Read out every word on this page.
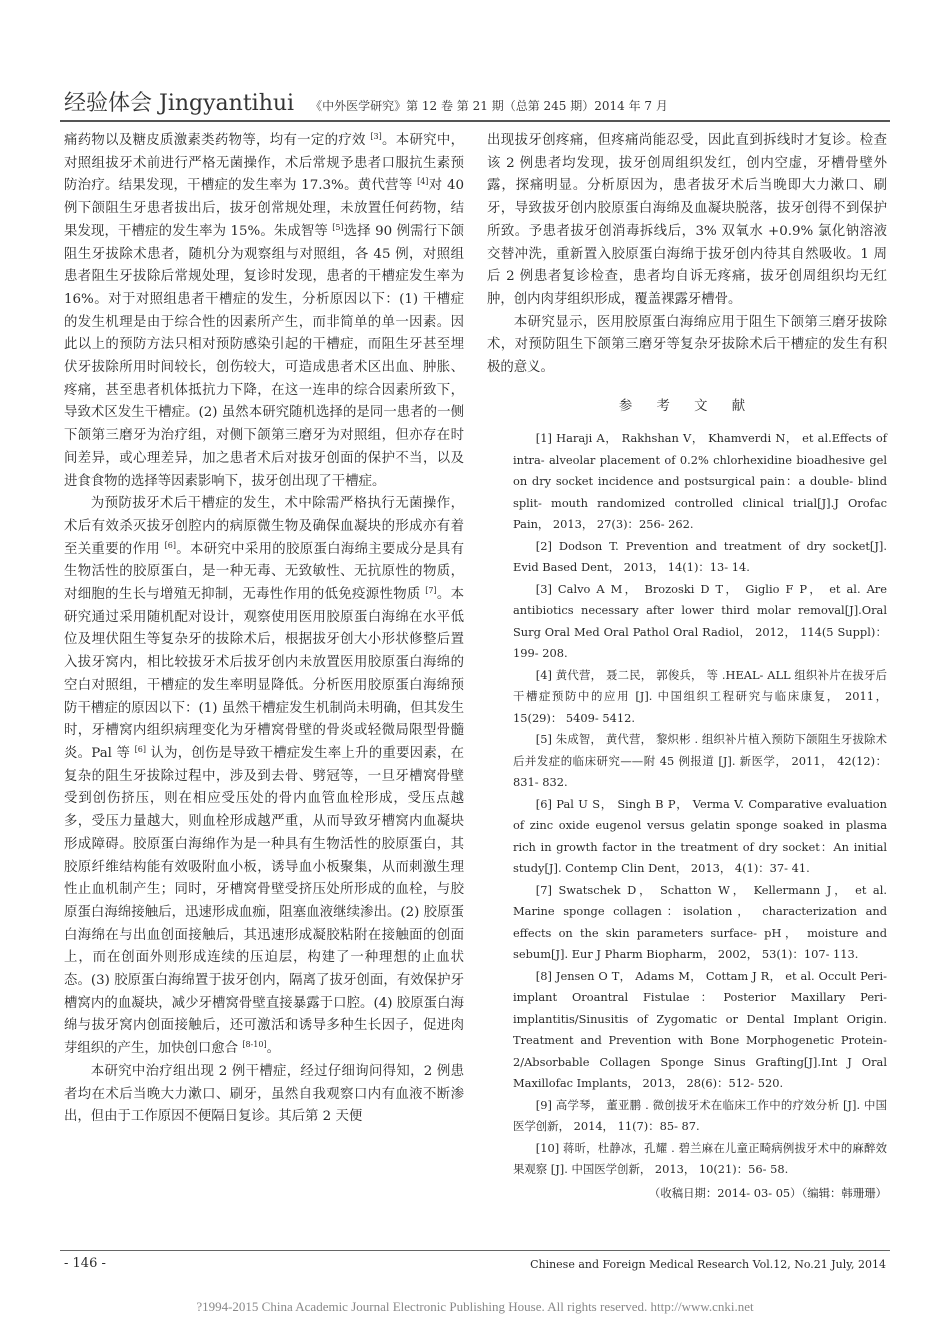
经验体会 Jingyantihui 《中外医学研究》第 12 卷 第 21 期（总第 245 期）2014 年 7 月

痛药物以及糖皮质激素类药物等，均有一定的疗效 [3]。本研究中，对照组拔牙术前进行严格无菌操作，术后常规予患者口服抗生素预防治疗。结果发现，干槽症的发生率为 17.3%。黄代营等 [4]对 40 例下颌阻生牙患者拔出后，拔牙创常规处理，未放置任何药物，结果发现，干槽症的发生率为 15%。朱成智等 [5]选择 90 例需行下颌阻生牙拔除术患者，随机分为观察组与对照组，各 45 例，对照组患者阻生牙拔除后常规处理，复诊时发现，患者的干槽症发生率为 16%。对于对照组患者干槽症的发生，分析原因以下：(1) 干槽症的发生机理是由于综合性的因素所产生，而非简单的单一因素。因此以上的预防方法只相对预防感染引起的干槽症，而阻生牙甚至埋伏牙拔除所用时间较长，创伤较大，可造成患者术区出血、肿胀、疼痛，甚至患者机体抵抗力下降，在这一连串的综合因素所致下，导致术区发生干槽症。(2) 虽然本研究随机选择的是同一患者的一侧下颌第三磨牙为治疗组，对侧下颌第三磨牙为对照组，但亦存在时间差异，或心理差异，加之患者术后对拔牙创面的保护不当，以及进食食物的选择等因素影响下，拔牙创出现了干槽症。

为预防拔牙术后干槽症的发生，术中除需严格执行无菌操作，术后有效杀灭拔牙创腔内的病原微生物及确保血凝块的形成亦有着至关重要的作用 [6]。本研究中采用的胶原蛋白海绵主要成分是具有生物活性的胶原蛋白，是一种无毒、无致敏性、无抗原性的物质，对细胞的生长与增殖无抑制，无毒性作用的低免疫源性物质 [7]。本研究通过采用随机配对设计，观察使用医用胶原蛋白海绵在水平低位及埋伏阻生等复杂牙的拔除术后，根据拔牙创大小形状修整后置入拔牙窝内，相比较拔牙术后拔牙创内未放置医用胶原蛋白海绵的空白对照组，干槽症的发生率明显降低。分析医用胶原蛋白海绵预防干槽症的原因以下：(1) 虽然干槽症发生机制尚未明确，但其发生时，牙槽窝内组织病理变化为牙槽窝骨壁的骨炎或轻微局限型骨髓炎。Pal 等 [6] 认为，创伤是导致干槽症发生率上升的重要因素，在复杂的阻生牙拔除过程中，涉及到去骨、劈冠等，一旦牙槽窝骨壁受到创伤挤压，则在相应受压处的骨内血管血栓形成，受压点越多，受压力量越大，则血栓形成越严重，从而导致牙槽窝内血凝块形成障碍。胶原蛋白海绵作为是一种具有生物活性的胶原蛋白，其胶原纤维结构能有效吸附血小板，诱导血小板聚集，从而刺激生理性止血机制产生；同时，牙槽窝骨壁受挤压处所形成的血栓，与胶原蛋白海绵接触后，迅速形成血痂，阻塞血液继续渗出。(2) 胶原蛋白海绵在与出血创面接触后，其迅速形成凝胶粘附在接触面的创面上，而在创面外则形成连续的压迫层，构建了一种理想的止血状态。(3) 胶原蛋白海绵置于拔牙创内，隔离了拔牙创面，有效保护牙槽窝内的血凝块，减少牙槽窝骨壁直接暴露于口腔。(4) 胶原蛋白海绵与拔牙窝内创面接触后，还可激活和诱导多种生长因子，促进肉芽组织的产生，加快创口愈合 [8-10]。

本研究中治疗组出现 2 例干槽症，经过仔细询问得知，2 例患者均在术后当晚大力漱口、刷牙，虽然自我观察口内有血液不断渗出，但由于工作原因不便隔日复诊。其后第 2 天便

出现拔牙创疼痛，但疼痛尚能忍受，因此直到拆线时才复诊。检查该 2 例患者均发现，拔牙创周组织发红，创内空虚，牙槽骨壁外露，探痛明显。分析原因为，患者拔牙术后当晚即大力漱口、刷牙，导致拔牙创内胶原蛋白海绵及血凝块脱落，拔牙创得不到保护所致。予患者拔牙创消毒拆线后，3% 双氧水 +0.9% 氯化钠溶液交替冲洗，重新置入胶原蛋白海绵于拔牙创内待其自然吸收。1 周后 2 例患者复诊检查，患者均自诉无疼痛，拔牙创周组织均无红肿，创内肉芽组织形成，覆盖裸露牙槽骨。

本研究显示，医用胶原蛋白海绵应用于阻生下颌第三磨牙拔除术，对预防阻生下颌第三磨牙等复杂牙拔除术后干槽症的发生有积极的意义。

参 考 文 献

[1] Haraji A， Rakhshan V， Khamverdi N， et al.Effects of intra- alveolar placement of 0.2% chlorhexidine bioadhesive gel on dry socket incidence and postsurgical pain：a double- blind split- mouth randomized controlled clinical trial[J].J Orofac Pain， 2013， 27(3)：256- 262.

[2] Dodson T. Prevention and treatment of dry socket[J]. Evid Based Dent， 2013， 14(1)：13- 14.

[3] Calvo A M， Brozoski D T， Giglio F P， et al. Are antibiotics necessary after lower third molar removal[J].Oral Surg Oral Med Oral Pathol Oral Radiol， 2012， 114(5 Suppl)：199- 208.

[4] 黄代营， 聂二民， 郭俊兵， 等 .HEAL- ALL 组织补片在拔牙后干槽症预防中的应用 [J]. 中国组织工程研究与临床康复， 2011， 15(29)： 5409- 5412.

[5] 朱成智， 黄代营， 黎炽彬 . 组织补片植入预防下颌阻生牙拔除术后并发症的临床研究——附 45 例报道 [J]. 新医学， 2011， 42(12)： 831- 832.

[6] Pal U S， Singh B P， Verma V. Comparative evaluation of zinc oxide eugenol versus gelatin sponge soaked in plasma rich in growth factor in the treatment of dry socket：An initial study[J]. Contemp Clin Dent， 2013， 4(1)：37- 41.

[7] Swatschek D， Schatton W， Kellermann J， et al. Marine sponge collagen：isolation， characterization and effects on the skin parameters surface- pH， moisture and sebum[J]. Eur J Pharm Biopharm， 2002， 53(1)：107- 113.

[8] Jensen O T， Adams M， Cottam J R， et al. Occult Peri- implant Oroantral Fistulae：Posterior Maxillary Peri- implantitis/Sinusitis of Zygomatic or Dental Implant Origin. Treatment and Prevention with Bone Morphogenetic Protein- 2/Absorbable Collagen Sponge Sinus Grafting[J].Int J Oral Maxillofac Implants， 2013， 28(6)：512- 520.

[9] 高学琴， 董亚鹏 . 微创拔牙术在临床工作中的疗效分析 [J]. 中国医学创新， 2014， 11(7)：85- 87.

[10] 蒋昕，杜静冰，孔耀 . 碧兰麻在儿童正畸病例拔牙术中的麻醉效果观察 [J]. 中国医学创新， 2013， 10(21)：56- 58.

（收稿日期：2014- 03- 05）（编辑：韩珊珊）
- 146 -	Chinese and Foreign Medical Research Vol.12, No.21 July, 2014
?1994-2015 China Academic Journal Electronic Publishing House. All rights reserved. http://www.cnki.net
